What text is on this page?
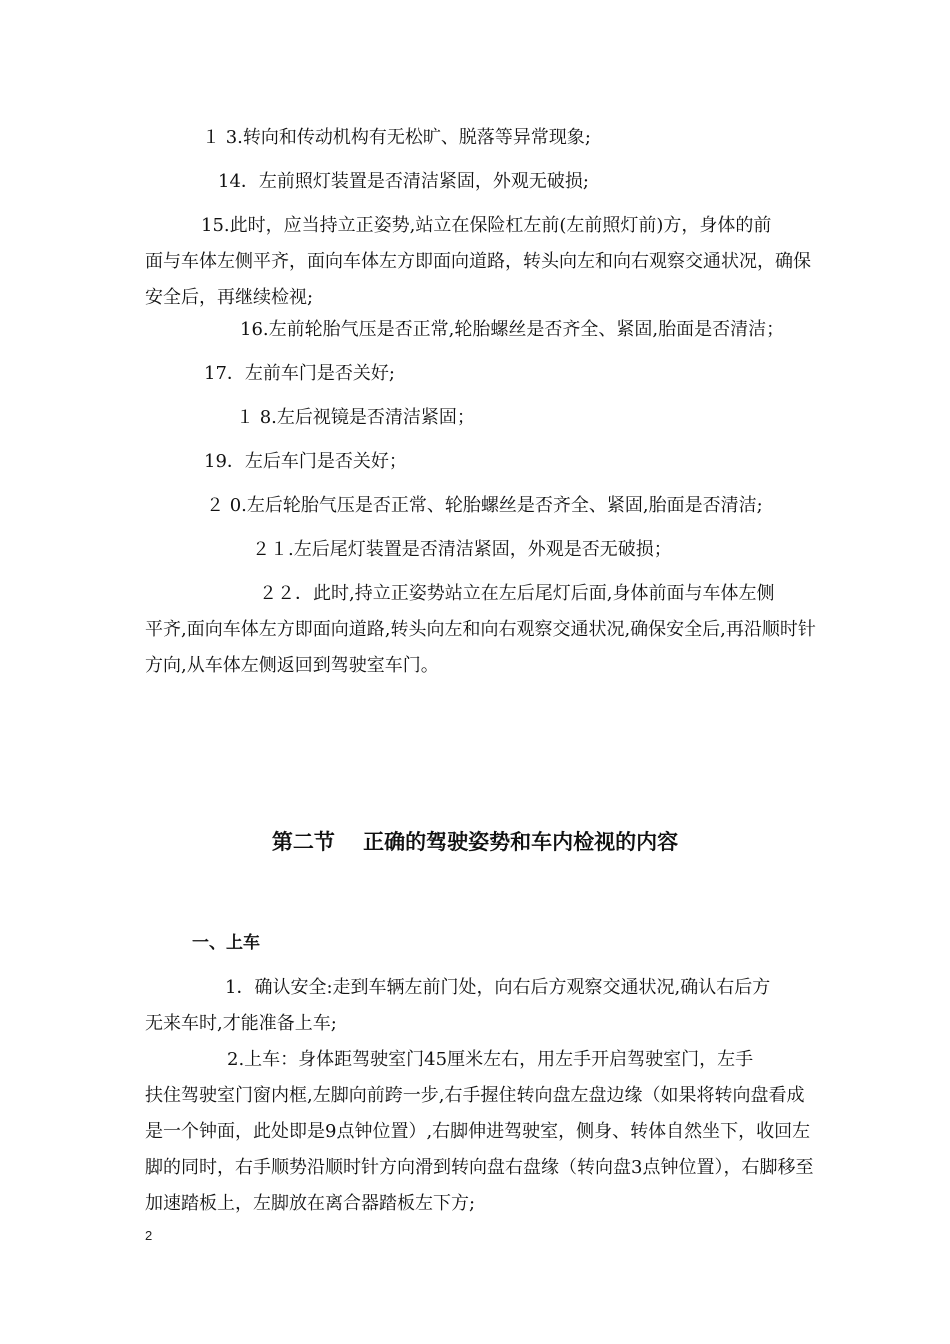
１ 3.转向和传动机构有无松旷、脱落等异常现象;
14．左前照灯装置是否清洁紧固，外观无破损;
15.此时，应当持立正姿势,站立在保险杠左前(左前照灯前)方，身体的前
面与车体左侧平齐，面向车体左方即面向道路，转头向左和向右观察交通状况，确保安全后，再继续检视;
16.左前轮胎气压是否正常,轮胎螺丝是否齐全、紧固,胎面是否清洁；
17．左前车门是否关好;
１ 8.左后视镜是否清洁紧固；
19．左后车门是否关好；
２ 0.左后轮胎气压是否正常、轮胎螺丝是否齐全、紧固,胎面是否清洁;
２１.左后尾灯装置是否清洁紧固，外观是否无破损；
２２．此时,持立正姿势站立在左后尾灯后面,身体前面与车体左侧
平齐,面向车体左方即面向道路,转头向左和向右观察交通状况,确保安全后,再沿顺时针方向,从车体左侧返回到驾驶室车门。
第二节　 正确的驾驶姿势和车内检视的内容
一、上车
1．确认安全:走到车辆左前门处，向右后方观察交通状况,确认右后方
无来车时,才能准备上车;
2.上车：身体距驾驶室门45厘米左右，用左手开启驾驶室门，左手
扶住驾驶室门窗内框,左脚向前跨一步,右手握住转向盘左盘边缘（如果将转向盘看成是一个钟面，此处即是9点钟位置）,右脚伸进驾驶室，侧身、转体自然坐下，收回左脚的同时，右手顺势沿顺时针方向滑到转向盘右盘缘（转向盘3点钟位置），右脚移至加速踏板上，左脚放在离合器踏板左下方;
2
